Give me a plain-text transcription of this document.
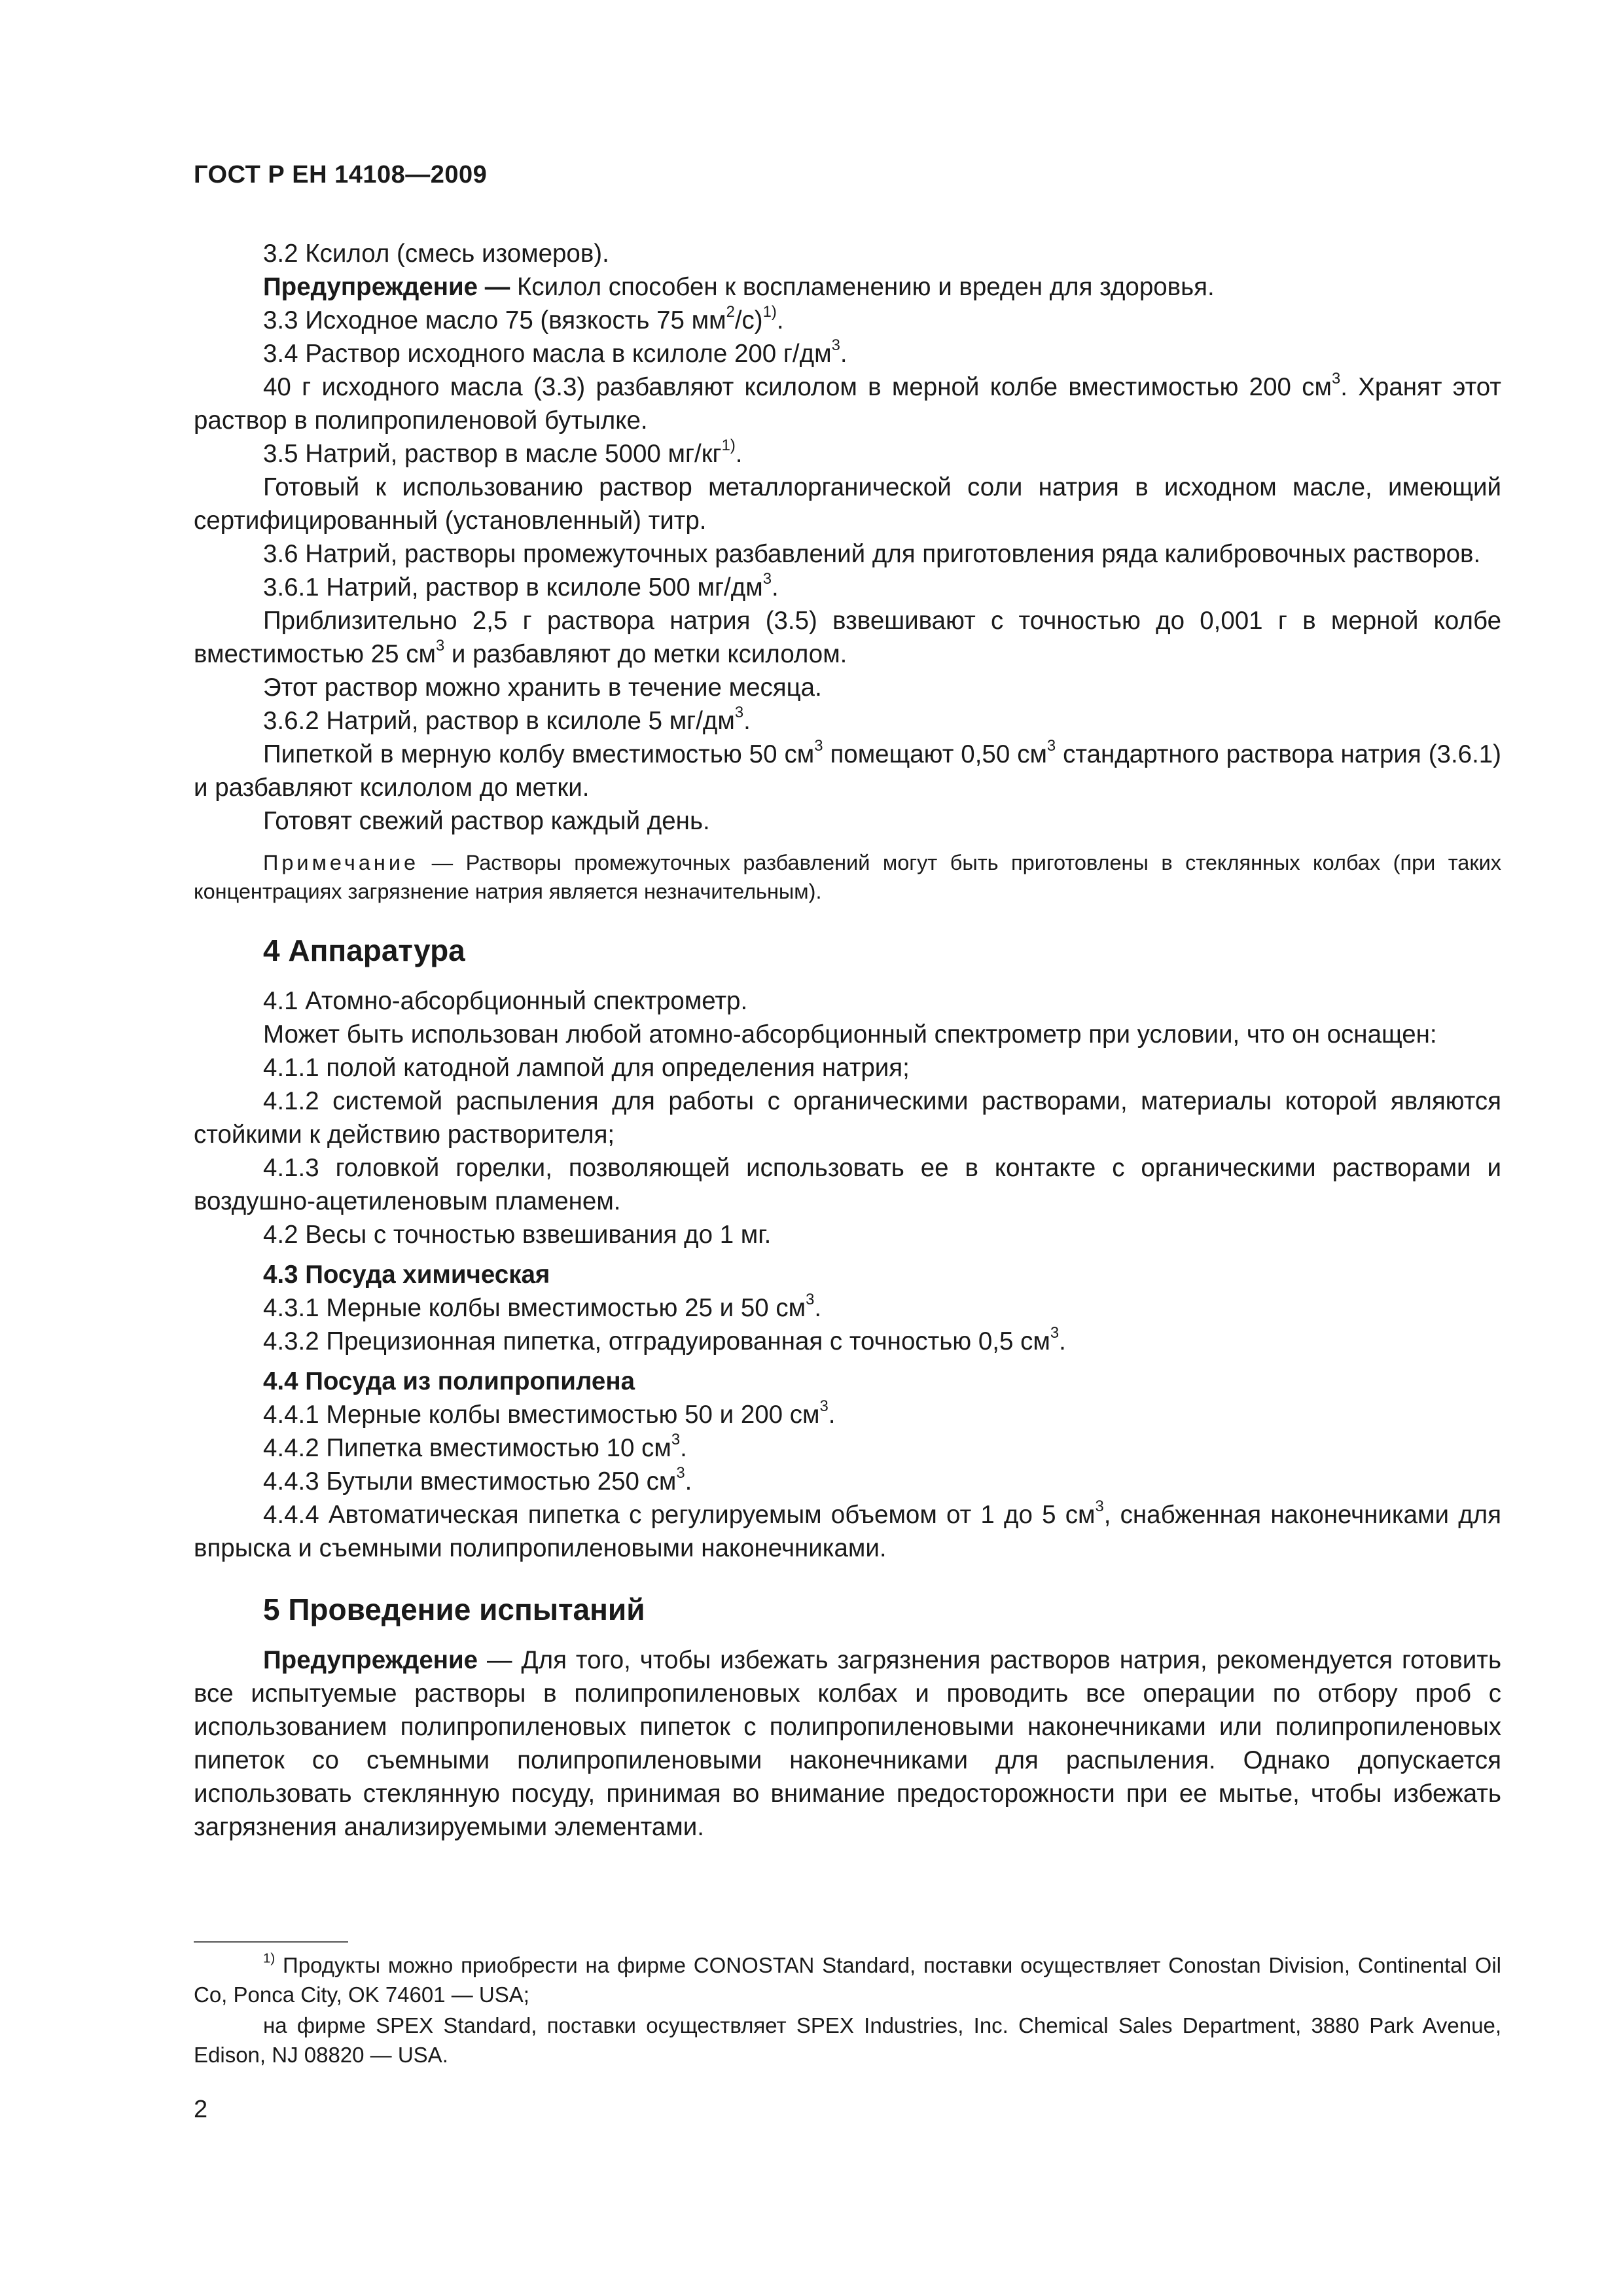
ГОСТ Р ЕН 14108—2009

3.2 Ксилол (смесь изомеров).

Предупреждение — Ксилол способен к воспламенению и вреден для здоровья.

3.3 Исходное масло 75 (вязкость 75 $мм^2/с)^{1)}$.

3.4 Раствор исходного масла в ксилоле 200 $г/дм^3$.

40 г исходного масла (3.3) разбавляют ксилолом в мерной колбе вместимостью 200 $см^3$. Хранят этот раствор в полипропиленовой бутылке.

3.5 Натрий, раствор в масле 5000 $мг/кг^{1)}$.

Готовый к использованию раствор металлорганической соли натрия в исходном масле, имеющий сертифицированный (установленный) титр.

3.6 Натрий, растворы промежуточных разбавлений для приготовления ряда калибровочных растворов.

3.6.1 Натрий, раствор в ксилоле 500 $мг/дм^3$.

Приблизительно 2,5 г раствора натрия (3.5) взвешивают с точностью до 0,001 г в мерной колбе вместимостью 25 $см^3$ и разбавляют до метки ксилолом.

Этот раствор можно хранить в течение месяца.

3.6.2 Натрий, раствор в ксилоле 5 $мг/дм^3$.

Пипеткой в мерную колбу вместимостью 50 $см^3$ помещают 0,50 $см^3$ стандартного раствора натрия (3.6.1) и разбавляют ксилолом до метки.

Готовят свежий раствор каждый день.

Примечание — Растворы промежуточных разбавлений могут быть приготовлены в стеклянных колбах (при таких концентрациях загрязнение натрия является незначительным).

4 Аппаратура

4.1 Атомно-абсорбционный спектрометр.

Может быть использован любой атомно-абсорбционный спектрометр при условии, что он оснащен:

4.1.1 полой катодной лампой для определения натрия;

4.1.2 системой распыления для работы с органическими растворами, материалы которой являются стойкими к действию растворителя;

4.1.3 головкой горелки, позволяющей использовать ее в контакте с органическими растворами и воздушно-ацетиленовым пламенем.

4.2 Весы с точностью взвешивания до 1 мг.

4.3 Посуда химическая

4.3.1 Мерные колбы вместимостью 25 и 50 $см^3$.

4.3.2 Прецизионная пипетка, отградуированная с точностью 0,5 $см^3$.

4.4 Посуда из полипропилена

4.4.1 Мерные колбы вместимостью 50 и 200 $см^3$.

4.4.2 Пипетка вместимостью 10 $см^3$.

4.4.3 Бутыли вместимостью 250 $см^3$.

4.4.4 Автоматическая пипетка с регулируемым объемом от 1 до 5 $см^3$, снабженная наконечниками для впрыска и съемными полипропиленовыми наконечниками.

5 Проведение испытаний

Предупреждение — Для того, чтобы избежать загрязнения растворов натрия, рекомендуется готовить все испытуемые растворы в полипропиленовых колбах и проводить все операции по отбору проб с использованием полипропиленовых пипеток с полипропиленовыми наконечниками или полипропиленовых пипеток со съемными полипропиленовыми наконечниками для распыления. Однако допускается использовать стеклянную посуду, принимая во внимание предосторожности при ее мытье, чтобы избежать загрязнения анализируемыми элементами.

$^{1)}$ Продукты можно приобрести на фирме CONOSTAN Standard, поставки осуществляет Conostan Division, Continental Oil Co, Ponca City, OK 74601 — USA;

на фирме SPEX Standard, поставки осуществляет SPEX Industries, Inc. Chemical Sales Department, 3880 Park Avenue, Edison, NJ 08820 — USA.

2
